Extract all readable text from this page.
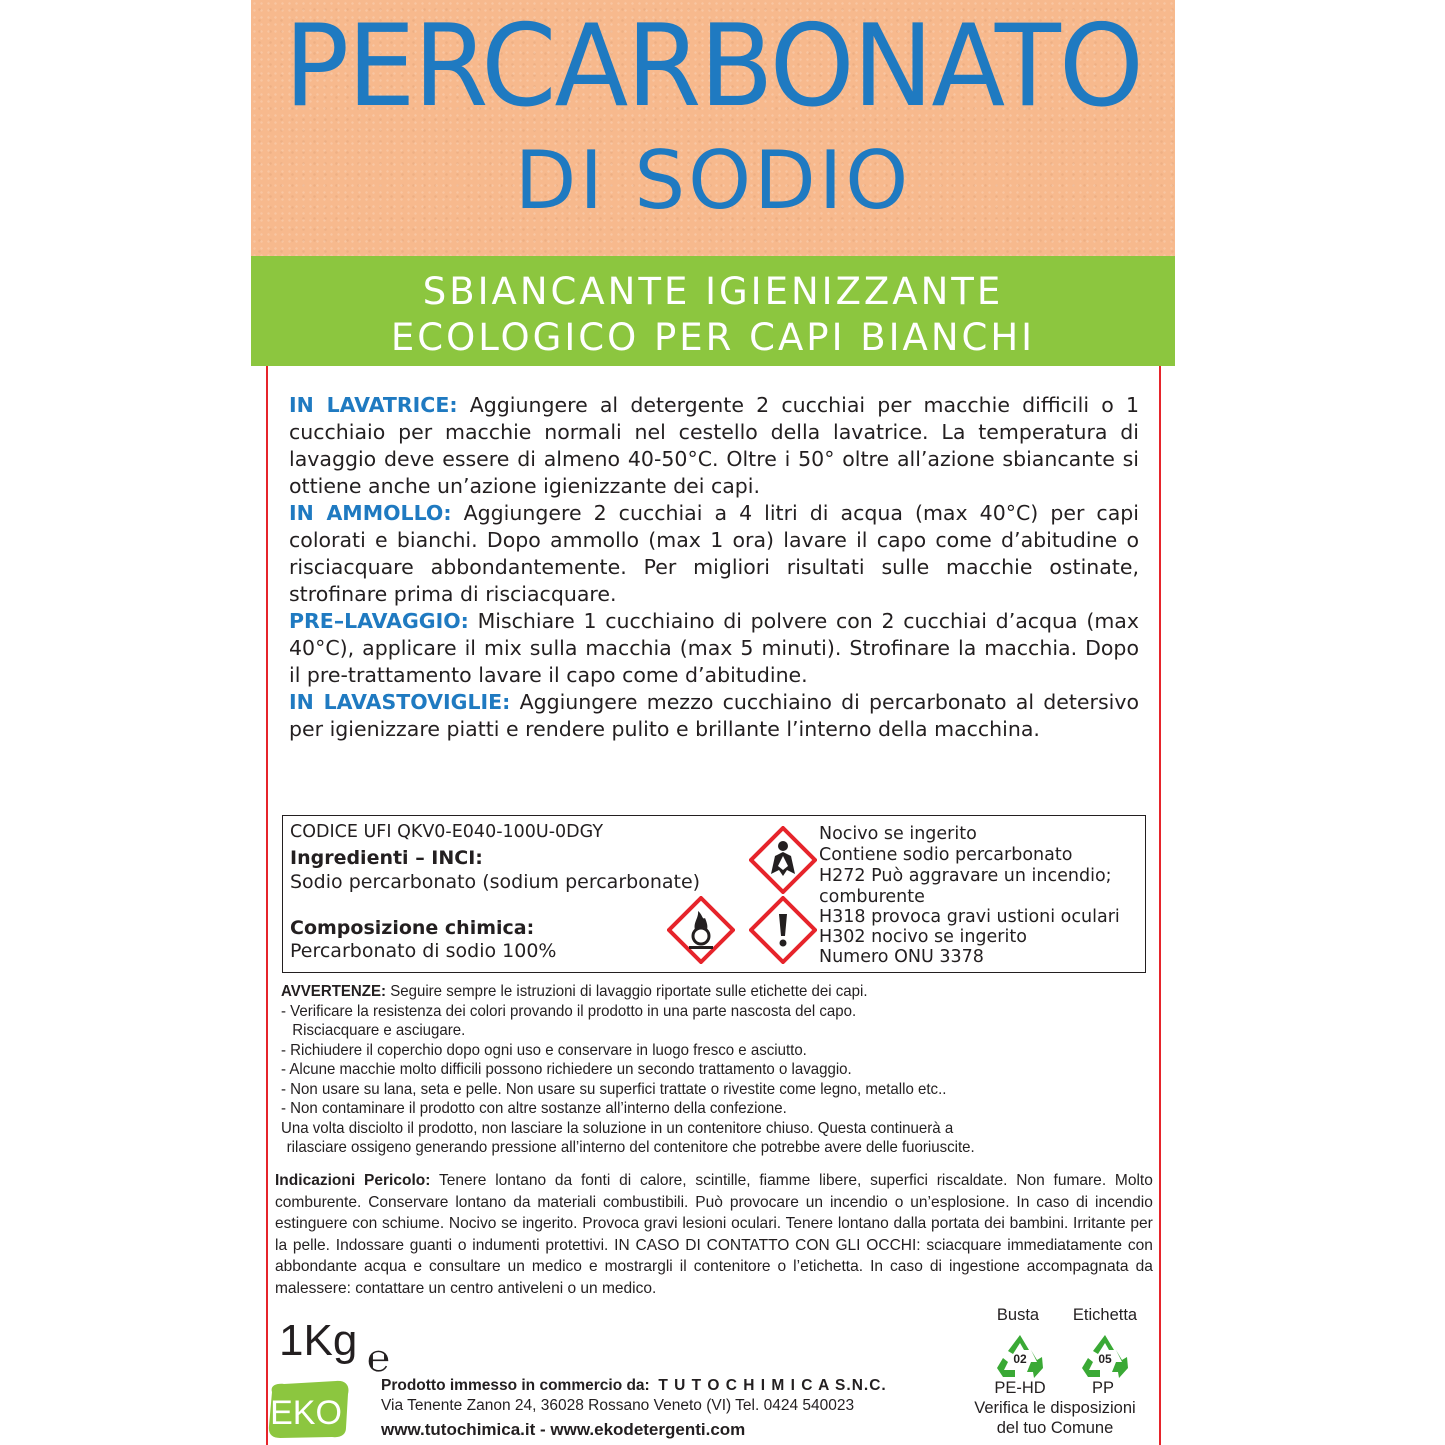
PERCARBONATO
DI SODIO
SBIANCANTE IGIENIZZANTE
ECOLOGICO PER CAPI BIANCHI

IN LAVATRICE: Aggiungere al detergente 2 cucchiai per macchie difficili o 1 cucchiaio per macchie normali nel cestello della lavatrice. La temperatura di lavaggio deve essere di almeno 40-50°C. Oltre i 50° oltre all’azione sbiancante si ottiene anche un’azione igienizzante dei capi.

IN AMMOLLO: Aggiungere 2 cucchiai a 4 litri di acqua (max 40°C) per capi colorati e bianchi. Dopo ammollo (max 1 ora) lavare il capo come d’abitudine o risciacquare abbondantemente. Per migliori risultati sulle macchie ostinate, strofinare prima di risciacquare.

PRE–LAVAGGIO: Mischiare 1 cucchiaino di polvere con 2 cucchiai d’acqua (max 40°C), applicare il mix sulla macchia (max 5 minuti). Strofinare la macchia. Dopo il pre-trattamento lavare il capo come d’abitudine.

IN LAVASTOVIGLIE: Aggiungere mezzo cucchiaino di percarbonato al detersivo per igienizzare piatti e rendere pulito e brillante l’interno della macchina.

CODICE UFI QKV0-E040-100U-0DGY
Ingredienti – INCI:
Sodio percarbonato (sodium percarbonate)
Composizione chimica:
Percarbonato di sodio 100%
Nocivo se ingerito
Contiene sodio percarbonato
H272 Può aggravare un incendio;
comburente
H318 provoca gravi ustioni oculari
H302 nocivo se ingerito
Numero ONU 3378
AVVERTENZE: Seguire sempre le istruzioni di lavaggio riportate sulle etichette dei capi.
- Verificare la resistenza dei colori provando il prodotto in una parte nascosta del capo.
Risciacquare e asciugare.
- Richiudere il coperchio dopo ogni uso e conservare in luogo fresco e asciutto.
- Alcune macchie molto difficili possono richiedere un secondo trattamento o lavaggio.
- Non usare su lana, seta e pelle. Non usare su superfici trattate o rivestite come legno, metallo etc..
- Non contaminare il prodotto con altre sostanze all’interno della confezione.
Una volta disciolto il prodotto, non lasciare la soluzione in un contenitore chiuso. Questa continuerà a
rilasciare ossigeno generando pressione all’interno del contenitore che potrebbe avere delle fuoriuscite.
Indicazioni Pericolo: Tenere lontano da fonti di calore, scintille, fiamme libere, superfici riscaldate. Non fumare. Molto comburente. Conservare lontano da materiali combustibili. Può provocare un incendio o un’esplosione. In caso di incendio estinguere con schiume. Nocivo se ingerito. Provoca gravi lesioni oculari. Tenere lontano dalla portata dei bambini. Irritante per la pelle. Indossare guanti o indumenti protettivi. IN CASO DI CONTATTO CON GLI OCCHI: sciacquare immediatamente con abbondante acqua e consultare un medico e mostrargli il contenitore o l’etichetta. In caso di ingestione accompagnata da malessere: contattare un centro antiveleni o un medico.
1Kg ℮
EKO
Prodotto immesso in commercio da: T U T O C H I M I C A S.N.C.
Via Tenente Zanon 24, 36028 Rossano Veneto (VI) Tel. 0424 540023
www.tutochimica.it - www.ekodetergenti.com
Busta	Etichetta
02	05
PE-HD	PP
Verifica le disposizioni
del tuo Comune
